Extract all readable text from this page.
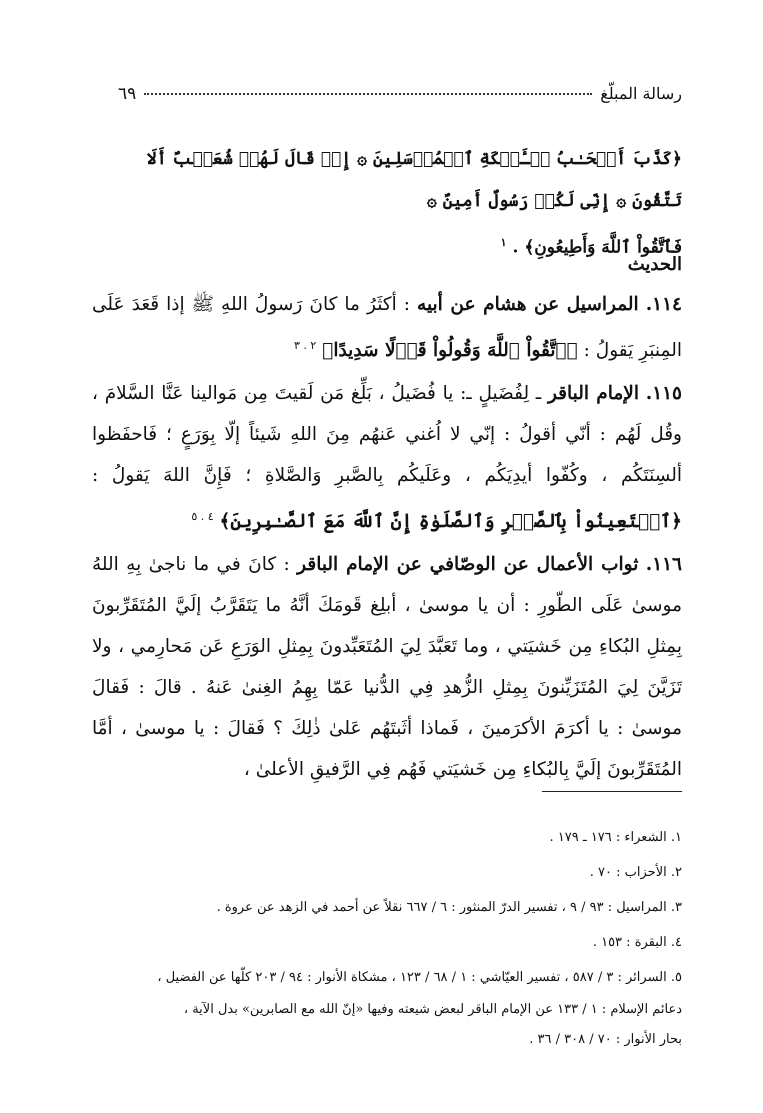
رسالة المبلّغ
٦٩
﴿كَذَّبَ أَصۡحَـٰبُ لۡـَٔيۡكَةِ ٱلۡمُرۡسَلِينَ ۞ إِذۡ قَالَ لَهُمۡ شُعَيۡبٌ أَلَا تَتَّقُونَ ۞ إِنِّى لَكُمۡ رَسُولٌ أَمِينٌ ۞
فَٱتَّقُواْ ٱللَّهَ وَأَطِيعُونِ﴾ . $^١$
الحديث

١١٤. المراسيل عن هشام عن أبيه : أكثَرُ ما كانَ رَسولُ اللهِ ﷺ إذا قَعَدَ عَلَى المِنبَرِ يَقولُ : ﴿ٱتَّقُواْ ٱللَّهَ وَقُولُواْ قَوۡلًا سَدِيدًا﴾ $^{٢ . ٣}$

١١٥. الإمام الباقر ـ لِفُضَيلٍ ـ: يا فُضَيلُ ، بَلِّغ مَن لَقيتَ مِن مَوالينا عَنَّا السَّلامَ ، وقُل لَهُم : أنّي أقولُ : إنّي لا اُغني عَنهُم مِنَ اللهِ شَيئاً إلّا بِوَرَعٍ ؛ فَاحفَظوا ألسِنَتَكُم ، وكُفّوا أيدِيَكُم ، وعَلَيكُم بِالصَّبرِ وَالصَّلاةِ ؛ فَإِنَّ اللهَ يَقولُ : ﴿ٱسۡتَعِينُواْ بِٱلصَّبۡرِ وَٱلصَّلَوٰةِ إِنَّ ٱللَّهَ مَعَ ٱلصَّـٰبِرِينَ﴾ $^{٤ . ٥}$

١١٦. ثواب الأعمال عن الوصّافي عن الإمام الباقر : كانَ في ما ناجىٰ بِهِ اللهُ موسىٰ عَلَى الطّورِ : أن يا موسىٰ ، أبلِغ قَومَكَ أنَّهُ ما يَتَقَرَّبُ إلَيَّ المُتَقَرِّبونَ بِمِثلِ البُكاءِ مِن خَشيَتي ، وما تَعَبَّدَ لِيَ المُتَعَبِّدونَ بِمِثلِ الوَرَعِ عَن مَحارِمي ، ولا تَزَيَّنَ لِيَ المُتَزَيِّنونَ بِمِثلِ الزُّهدِ فِي الدُّنيا عَمّا بِهِمُ الغِنىٰ عَنهُ . قالَ : فَقالَ موسىٰ : يا أكرَمَ الأكرَمينَ ، فَماذا أثَبتَهُم عَلىٰ ذٰلِكَ ؟ فَقالَ : يا موسىٰ ، أمَّا المُتَقَرِّبونَ إلَيَّ بِالبُكاءِ مِن خَشيَتي فَهُم فِي الرَّفيقِ الأعلىٰ ،

١. الشعراء : ١٧٦ ـ ١٧٩ .

٢. الأحزاب : ٧٠ .

٣. المراسيل : ٩٣ / ٩ ، تفسير الدرّ المنثور : ٦ / ٦٦٧ نقلاً عن أحمد في الزهد عن عروة .

٤. البقرة : ١٥٣ .

٥. السرائر : ٣ / ٥٨٧ ، تفسير العيّاشي : ١ / ٦٨ / ١٢٣ ، مشكاة الأنوار : ٩٤ / ٢٠٣ كلّها عن الفضيل ،

دعائم الإسلام : ١ / ١٣٣ عن الإمام الباقر لبعض شيعته وفيها «إنّ الله مع الصابرين» بدل الآية ،

بحار الأنوار : ٧٠ / ٣٠٨ / ٣٦ .
